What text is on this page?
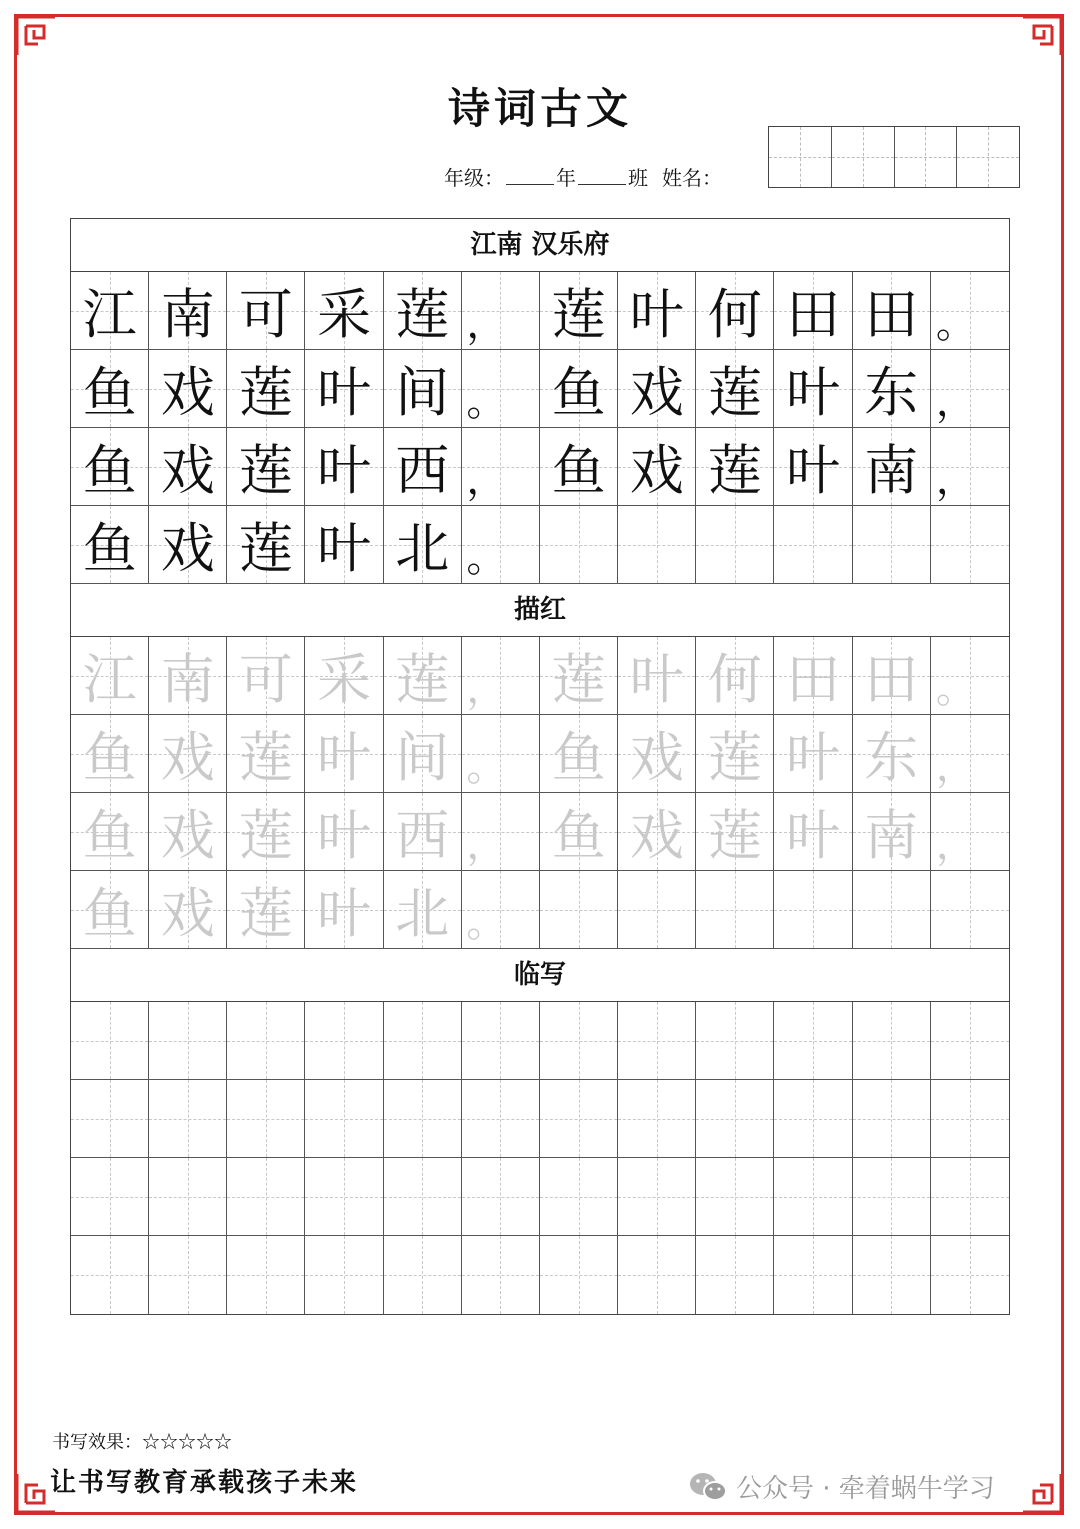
诗词古文
年级：	年	班 姓名：
江南 汉乐府
江 南 可 采 莲 ， 莲 叶 何 田 田 。
鱼 戏 莲 叶 间 。 鱼 戏 莲 叶 东 ，
鱼 戏 莲 叶 西 ， 鱼 戏 莲 叶 南 ，
鱼 戏 莲 叶 北 。
描红
江 南 可 采 莲 ， 莲 叶 何 田 田 。
鱼 戏 莲 叶 间 。 鱼 戏 莲 叶 东 ，
鱼 戏 莲 叶 西 ， 鱼 戏 莲 叶 南 ，
鱼 戏 莲 叶 北 。
临写
书写效果：☆☆☆☆☆
让书写教育承载孩子未来	公众号 · 牵着蜗牛学习
